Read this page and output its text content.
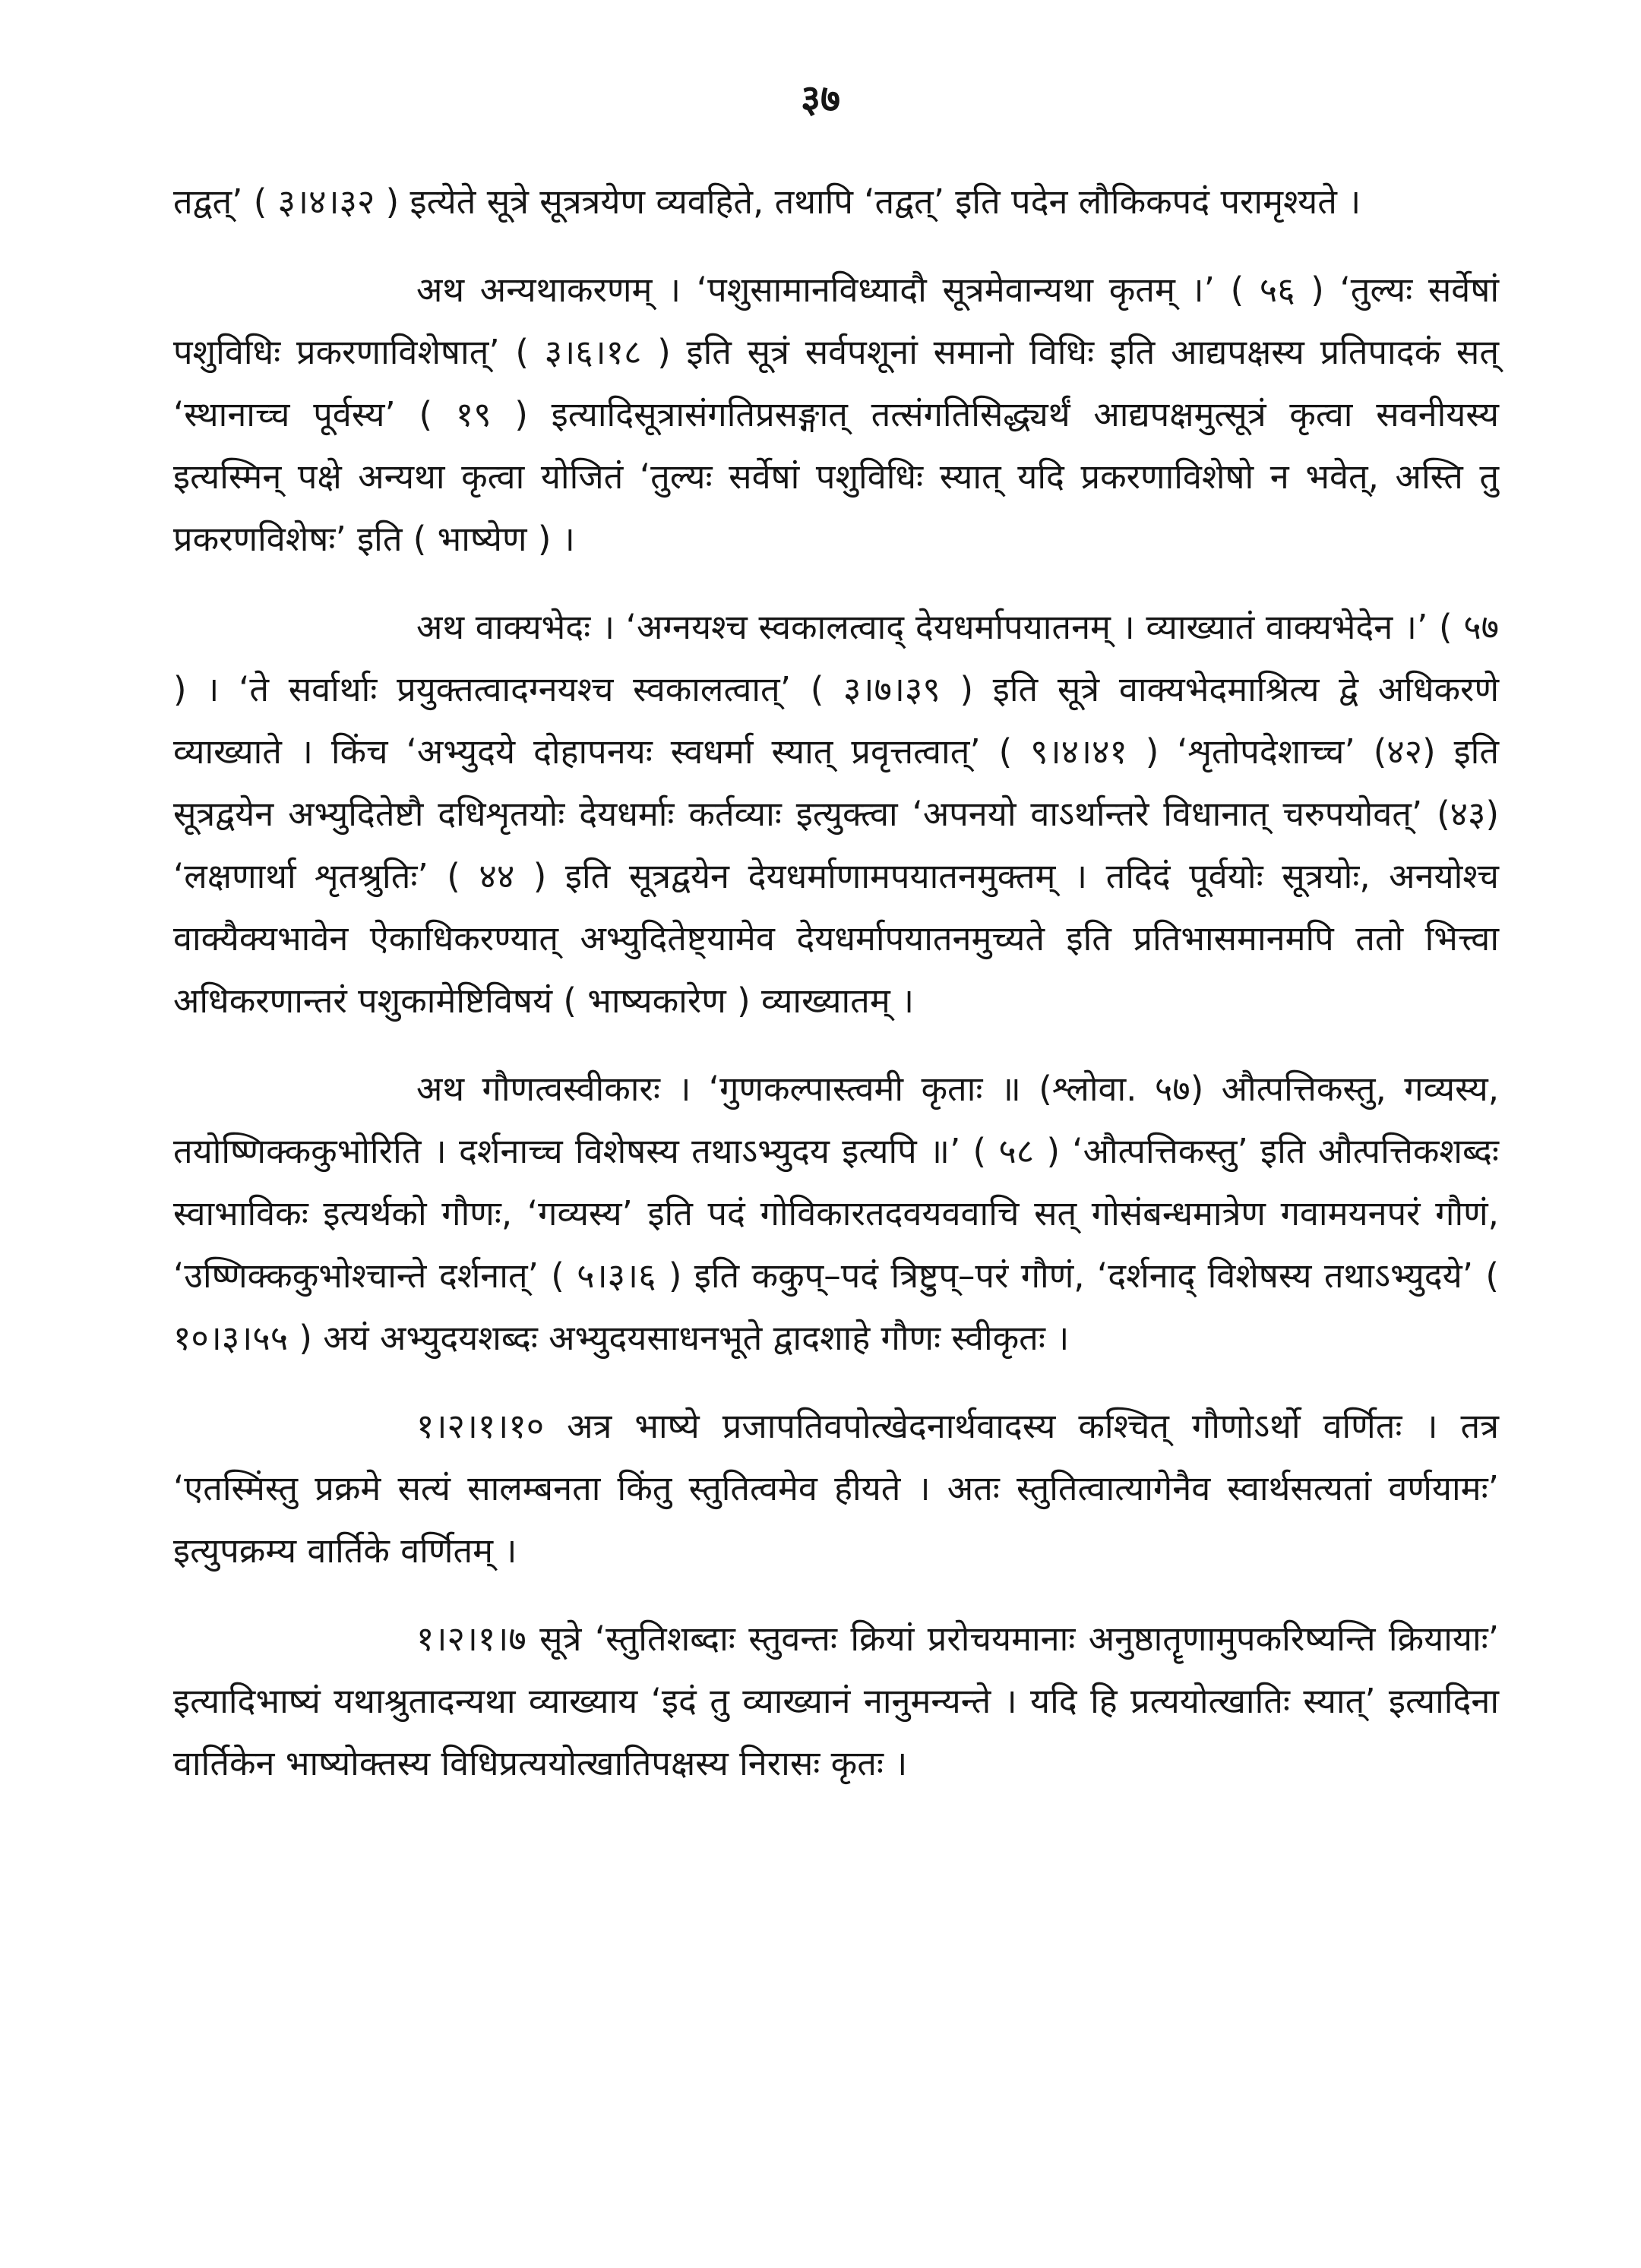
३७

तद्वत्’ ( ३।४।३२ ) इत्येते सूत्रे सूत्रत्रयेण व्यवहिते, तथापि ‘तद्वत्’ इति पदेन लौकिकपदं परामृश्यते ।

अथ अन्यथाकरणम् । ‘पशुसामानविध्यादौ सूत्रमेवान्यथा कृतम् ।’ ( ५६ ) ‘तुल्यः सर्वेषां पशुविधिः प्रकरणाविशेषात्’ ( ३।६।१८ ) इति सूत्रं सर्वपशूनां समानो विधिः इति आद्यपक्षस्य प्रतिपादकं सत् ‘स्थानाच्च पूर्वस्य’ ( १९ ) इत्यादिसूत्रासंगतिप्रसङ्गात् तत्संगतिसिद्ध्यर्थं आद्यपक्षमुत्सूत्रं कृत्वा सवनीयस्य इत्यस्मिन् पक्षे अन्यथा कृत्वा योजितं ‘तुल्यः सर्वेषां पशुविधिः स्यात् यदि प्रकरणाविशेषो न भवेत्, अस्ति तु प्रकरणविशेषः’ इति ( भाष्येण ) ।

अथ वाक्यभेदः । ‘अग्नयश्च स्वकालत्वाद् देयधर्मापयातनम् । व्याख्यातं वाक्यभेदेन ।’ ( ५७ ) । ‘ते सर्वार्थाः प्रयुक्तत्वादग्नयश्च स्वकालत्वात्’ ( ३।७।३९ ) इति सूत्रे वाक्यभेदमाश्रित्य द्वे अधिकरणे व्याख्याते । किंच ‘अभ्युदये दोहापनयः स्वधर्मा स्यात् प्रवृत्तत्वात्’ ( ९।४।४१ ) ‘शृतोपदेशाच्च’ (४२) इति सूत्रद्वयेन अभ्युदितेष्टौ दधिशृतयोः देयधर्माः कर्तव्याः इत्युक्त्वा ‘अपनयो वाऽर्थान्तरे विधानात् चरुपयोवत्’ (४३) ‘लक्षणार्था शृतश्रुतिः’ ( ४४ ) इति सूत्रद्वयेन देयधर्माणामपयातनमुक्तम् । तदिदं पूर्वयोः सूत्रयोः, अनयोश्च वाक्यैक्यभावेन ऐकाधिकरण्यात् अभ्युदितेष्ट्यामेव देयधर्मापयातनमुच्यते इति प्रतिभासमानमपि ततो भित्त्वा अधिकरणान्तरं पशुकामेष्टिविषयं ( भाष्यकारेण ) व्याख्यातम् ।

अथ गौणत्वस्वीकारः । ‘गुणकल्पास्त्वमी कृताः ॥ (श्लोवा. ५७) औत्पत्तिकस्तु, गव्यस्य, तयोष्णिक्ककुभोरिति । दर्शनाच्च विशेषस्य तथाऽभ्युदय इत्यपि ॥’ ( ५८ ) ‘औत्पत्तिकस्तु’ इति औत्पत्तिकशब्दः स्वाभाविकः इत्यर्थको गौणः, ‘गव्यस्य’ इति पदं गोविकारतदवयववाचि सत् गोसंबन्धमात्रेण गवामयनपरं गौणं, ‘उष्णिक्ककुभोश्चान्ते दर्शनात्’ ( ५।३।६ ) इति ककुप्–पदं त्रिष्टुप्–परं गौणं, ‘दर्शनाद् विशेषस्य तथाऽभ्युदये’ ( १०।३।५५ ) अयं अभ्युदयशब्दः अभ्युदयसाधनभूते द्वादशाहे गौणः स्वीकृतः ।

१।२।१।१० अत्र भाष्ये प्रजापतिवपोत्खेदनार्थवादस्य कश्चित् गौणोऽर्थो वर्णितः । तत्र ‘एतस्मिंस्तु प्रक्रमे सत्यं सालम्बनता किंतु स्तुतित्वमेव हीयते । अतः स्तुतित्वात्यागेनैव स्वार्थसत्यतां वर्णयामः’ इत्युपक्रम्य वार्तिके वर्णितम् ।

१।२।१।७ सूत्रे ‘स्तुतिशब्दाः स्तुवन्तः क्रियां प्ररोचयमानाः अनुष्ठातॄणामुपकरिष्यन्ति क्रियायाः’ इत्यादिभाष्यं यथाश्रुतादन्यथा व्याख्याय ‘इदं तु व्याख्यानं नानुमन्यन्ते । यदि हि प्रत्ययोत्खातिः स्यात्’ इत्यादिना वार्तिकेन भाष्योक्तस्य विधिप्रत्ययोत्खातिपक्षस्य निरासः कृतः ।
